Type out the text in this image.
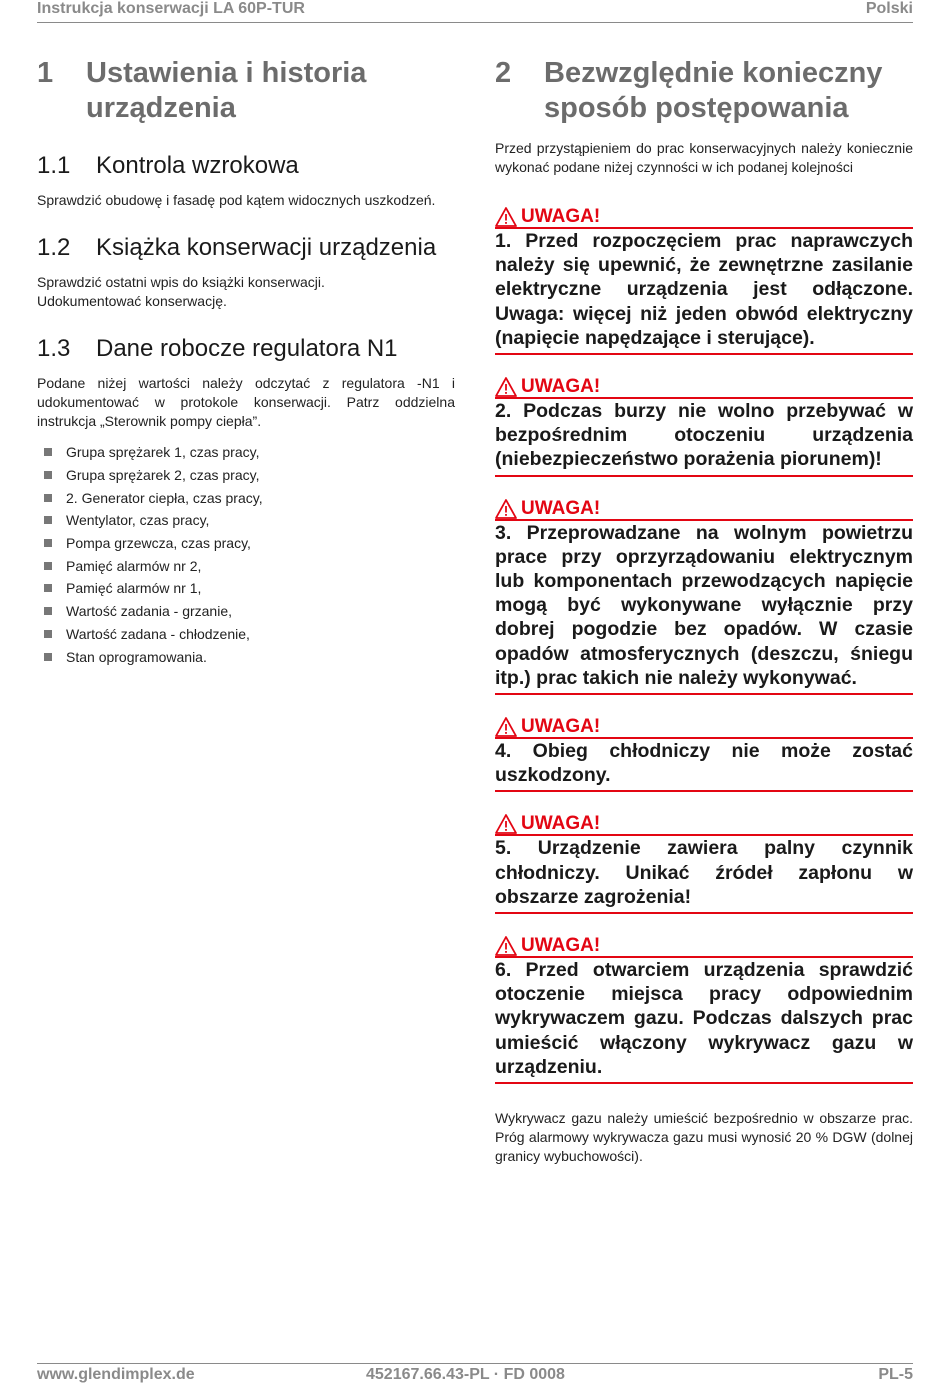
Instrukcja konserwacji LA 60P-TUR	Polski
1	Ustawienia i historia urządzenia
1.1	Kontrola wzrokowa

Sprawdzić obudowę i fasadę pod kątem widocznych uszkodzeń.

1.2	Książka konserwacji urządzenia

Sprawdzić ostatni wpis do książki konserwacji.

Udokumentować konserwację.

1.3	Dane robocze regulatora N1

Podane niżej wartości należy odczytać z regulatora -N1 i udokumentować w protokole konserwacji. Patrz oddzielna instrukcja „Sterownik pompy ciepła”.

Grupa sprężarek 1, czas pracy,
Grupa sprężarek 2, czas pracy,
2. Generator ciepła, czas pracy,
Wentylator, czas pracy,
Pompa grzewcza, czas pracy,
Pamięć alarmów nr 2,
Pamięć alarmów nr 1,
Wartość zadania - grzanie,
Wartość zadana - chłodzenie,
Stan oprogramowania.
2	Bezwzględnie konieczny sposób postępowania

Przed przystąpieniem do prac konserwacyjnych należy koniecznie wykonać podane niżej czynności w ich podanej kolejności

UWAGA!
1. Przed rozpoczęciem prac naprawczych należy się upewnić, że zewnętrzne zasilanie elektryczne urządzenia jest odłączone. Uwaga: więcej niż jeden obwód elektryczny (napięcie napędzające i sterujące).
UWAGA!
2. Podczas burzy nie wolno przebywać w bezpośrednim otoczeniu urządzenia (niebezpieczeństwo porażenia piorunem)!
UWAGA!
3. Przeprowadzane na wolnym powietrzu prace przy oprzyrządowaniu elektrycznym lub komponentach przewodzących napięcie mogą być wykonywane wyłącznie przy dobrej pogodzie bez opadów. W czasie opadów atmosferycznych (deszczu, śniegu itp.) prac takich nie należy wykonywać.
UWAGA!
4. Obieg chłodniczy nie może zostać uszkodzony.
UWAGA!
5. Urządzenie zawiera palny czynnik chłodniczy. Unikać źródeł zapłonu w obszarze zagrożenia!
UWAGA!
6. Przed otwarciem urządzenia sprawdzić otoczenie miejsca pracy odpowiednim wykrywaczem gazu. Podczas dalszych prac umieścić włączony wykrywacz gazu w urządzeniu.

Wykrywacz gazu należy umieścić bezpośrednio w obszarze prac. Próg alarmowy wykrywacza gazu musi wynosić 20 % DGW (dolnej granicy wybuchowości).

www.glendimplex.de	452167.66.43-PL · FD 0008	PL-5
